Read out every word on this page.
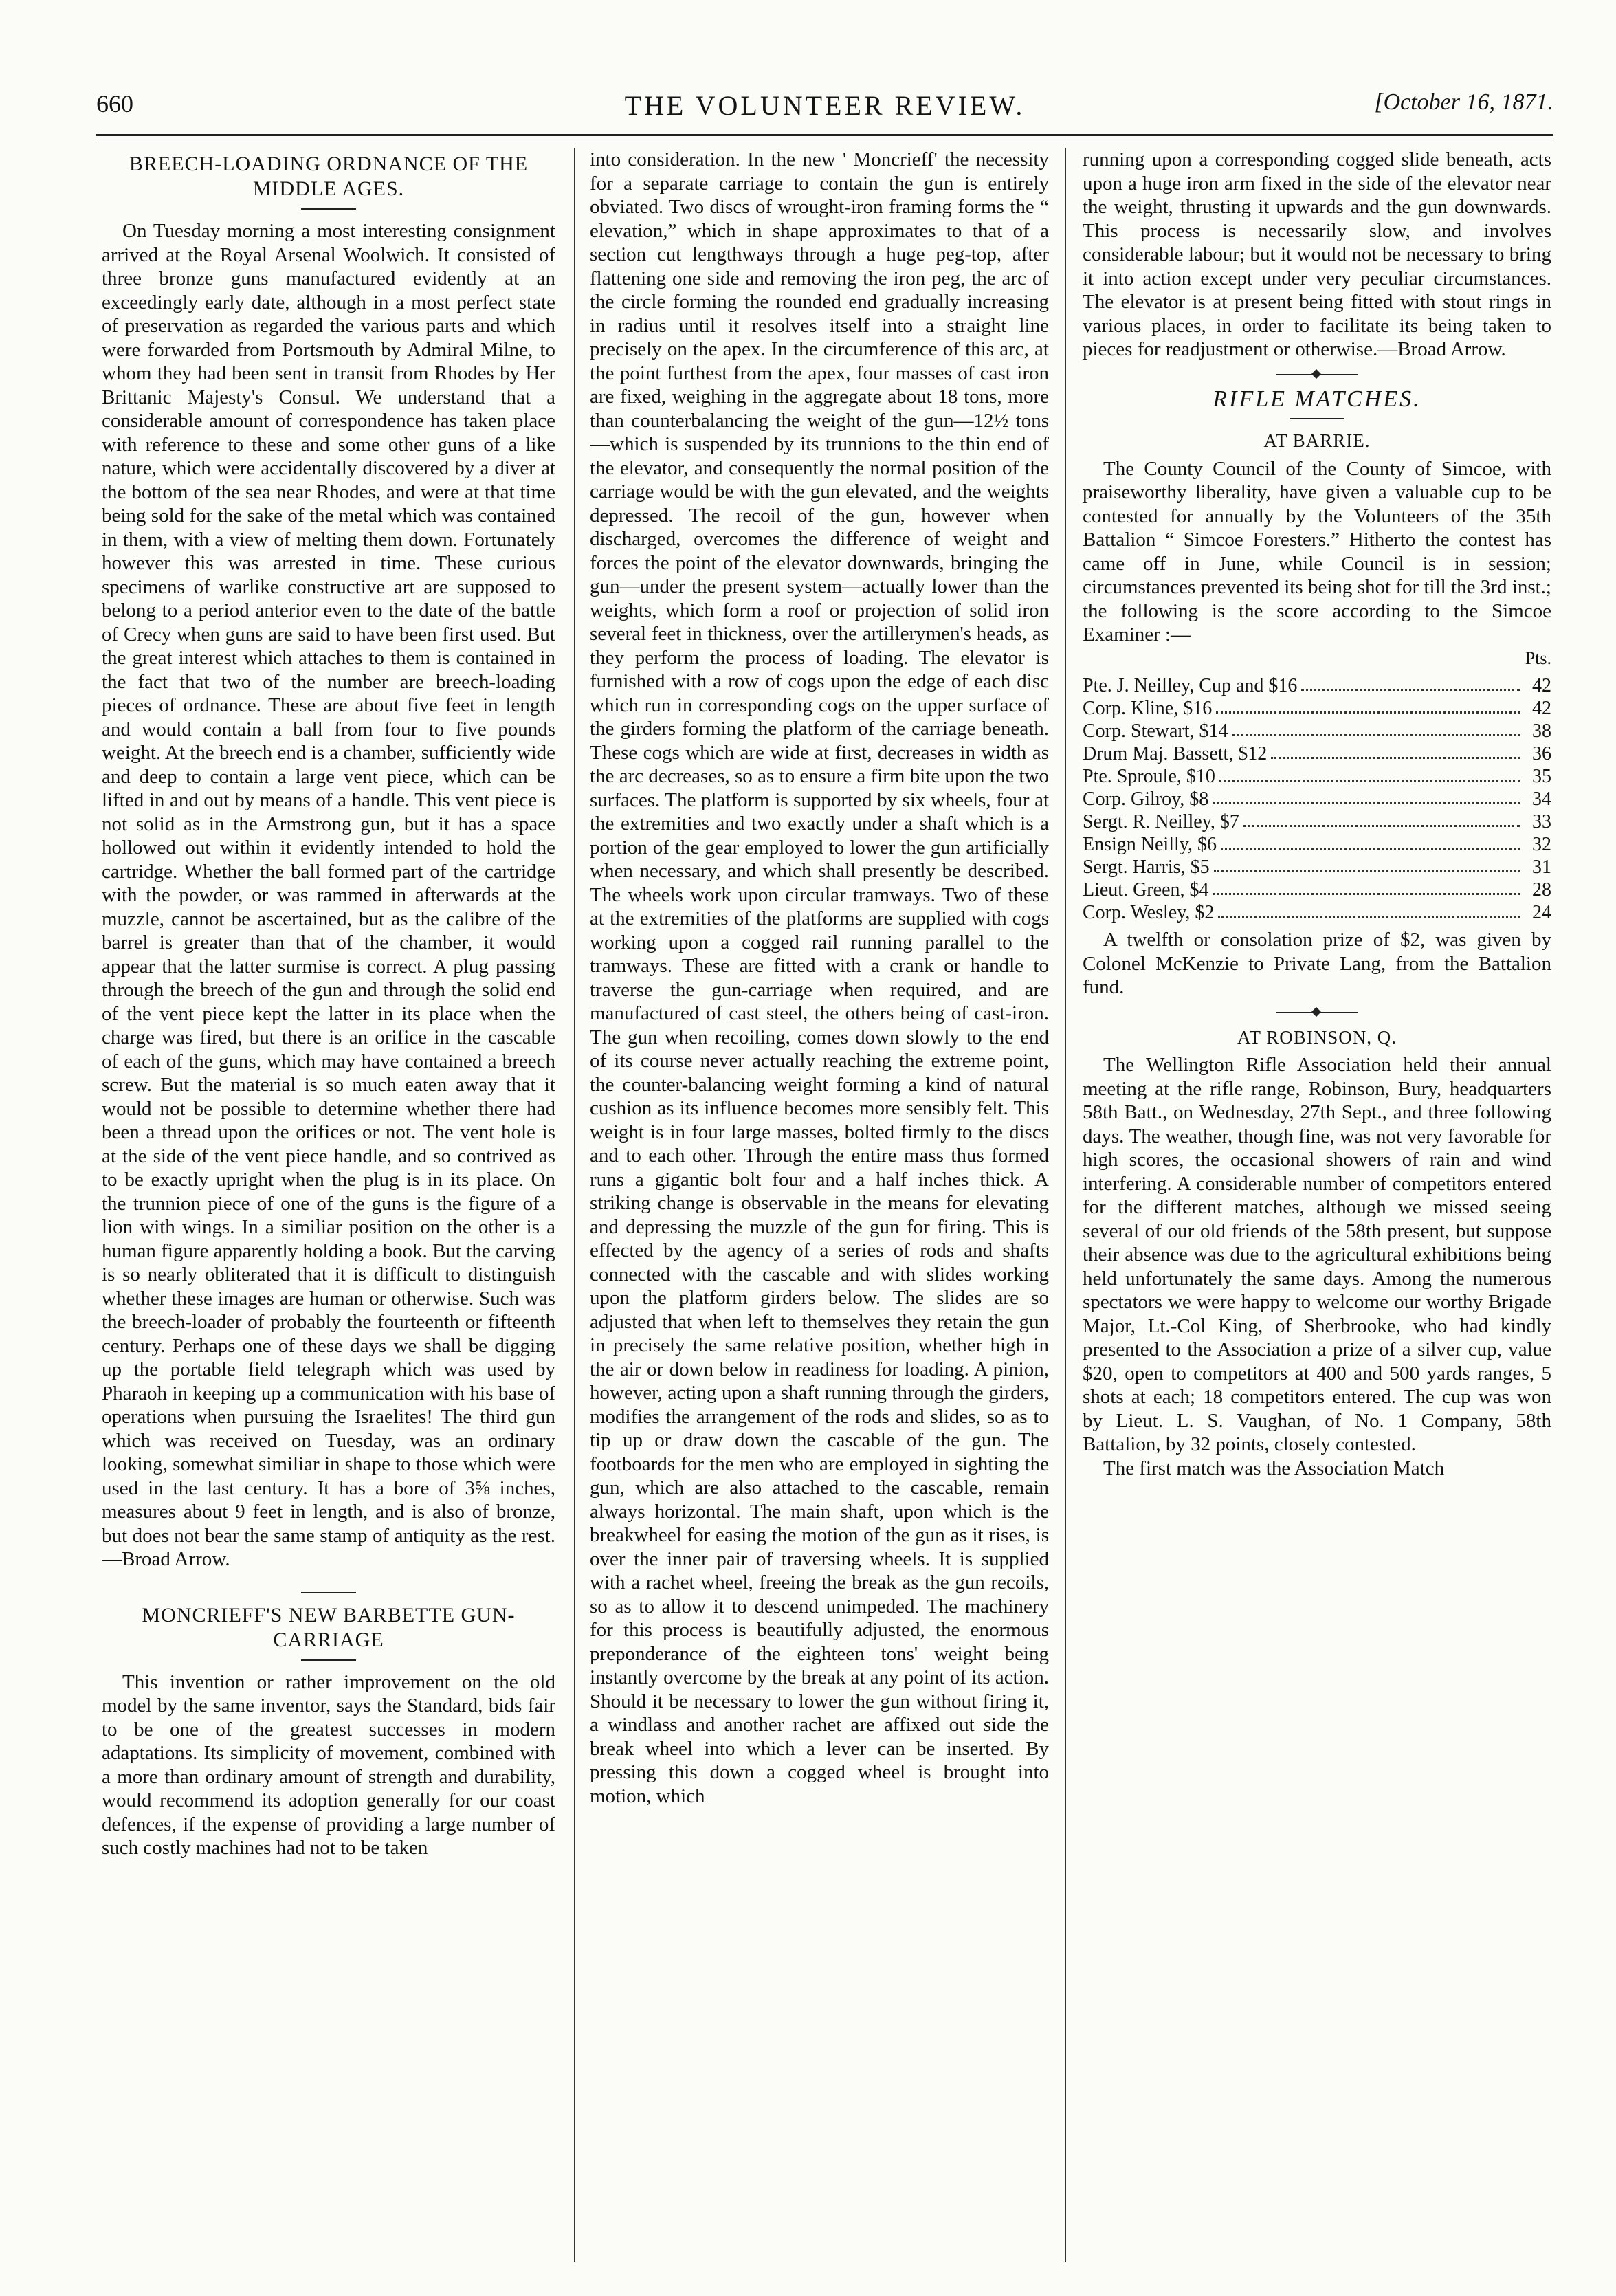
660	THE VOLUNTEER REVIEW.	[October 16, 1871.
BREECH-LOADING ORDNANCE OF THE MIDDLE AGES.

On Tuesday morning a most interesting consignment arrived at the Royal Arsenal Woolwich. It consisted of three bronze guns manufactured evidently at an exceedingly early date, although in a most perfect state of preservation as regarded the various parts and which were forwarded from Portsmouth by Admiral Milne, to whom they had been sent in transit from Rhodes by Her Brittanic Majesty's Consul. We understand that a considerable amount of correspondence has taken place with reference to these and some other guns of a like nature, which were accidentally discovered by a diver at the bottom of the sea near Rhodes, and were at that time being sold for the sake of the metal which was contained in them, with a view of melting them down. Fortunately however this was arrested in time. These curious specimens of warlike constructive art are supposed to belong to a period anterior even to the date of the battle of Crecy when guns are said to have been first used. But the great interest which attaches to them is contained in the fact that two of the number are breech-loading pieces of ordnance. These are about five feet in length and would contain a ball from four to five pounds weight. At the breech end is a chamber, sufficiently wide and deep to contain a large vent piece, which can be lifted in and out by means of a handle. This vent piece is not solid as in the Armstrong gun, but it has a space hollowed out within it evidently intended to hold the cartridge. Whether the ball formed part of the cartridge with the powder, or was rammed in afterwards at the muzzle, cannot be ascertained, but as the calibre of the barrel is greater than that of the chamber, it would appear that the latter surmise is correct. A plug passing through the breech of the gun and through the solid end of the vent piece kept the latter in its place when the charge was fired, but there is an orifice in the cascable of each of the guns, which may have contained a breech screw. But the material is so much eaten away that it would not be possible to determine whether there had been a thread upon the orifices or not. The vent hole is at the side of the vent piece handle, and so contrived as to be exactly upright when the plug is in its place. On the trunnion piece of one of the guns is the figure of a lion with wings. In a similiar position on the other is a human figure apparently holding a book. But the carving is so nearly obliterated that it is difficult to distinguish whether these images are human or otherwise. Such was the breech-loader of probably the fourteenth or fifteenth century. Perhaps one of these days we shall be digging up the portable field telegraph which was used by Pharaoh in keeping up a communication with his base of operations when pursuing the Israelites! The third gun which was received on Tuesday, was an ordinary looking, somewhat similiar in shape to those which were used in the last century. It has a bore of 3⅝ inches, measures about 9 feet in length, and is also of bronze, but does not bear the same stamp of antiquity as the rest.—Broad Arrow.

MONCRIEFF'S NEW BARBETTE GUN-CARRIAGE

This invention or rather improvement on the old model by the same inventor, says the Standard, bids fair to be one of the greatest successes in modern adaptations. Its simplicity of movement, combined with a more than ordinary amount of strength and durability, would recommend its adoption generally for our coast defences, if the expense of providing a large number of such costly machines had not to be taken

into consideration. In the new ' Moncrieff' the necessity for a separate carriage to contain the gun is entirely obviated. Two discs of wrought-iron framing forms the “ elevation,” which in shape approximates to that of a section cut lengthways through a huge peg-top, after flattening one side and removing the iron peg, the arc of the circle forming the rounded end gradually increasing in radius until it resolves itself into a straight line precisely on the apex. In the circumference of this arc, at the point furthest from the apex, four masses of cast iron are fixed, weighing in the aggregate about 18 tons, more than counterbalancing the weight of the gun—12½ tons—which is suspended by its trunnions to the thin end of the elevator, and consequently the normal position of the carriage would be with the gun elevated, and the weights depressed. The recoil of the gun, however when discharged, overcomes the difference of weight and forces the point of the elevator downwards, bringing the gun—under the present system—actually lower than the weights, which form a roof or projection of solid iron several feet in thickness, over the artillerymen's heads, as they perform the process of loading. The elevator is furnished with a row of cogs upon the edge of each disc which run in corresponding cogs on the upper surface of the girders forming the platform of the carriage beneath. These cogs which are wide at first, decreases in width as the arc decreases, so as to ensure a firm bite upon the two surfaces. The platform is supported by six wheels, four at the extremities and two exactly under a shaft which is a portion of the gear employed to lower the gun artificially when necessary, and which shall presently be described. The wheels work upon circular tramways. Two of these at the extremities of the platforms are supplied with cogs working upon a cogged rail running parallel to the tramways. These are fitted with a crank or handle to traverse the gun-carriage when required, and are manufactured of cast steel, the others being of cast-iron. The gun when recoiling, comes down slowly to the end of its course never actually reaching the extreme point, the counter-balancing weight forming a kind of natural cushion as its influence becomes more sensibly felt. This weight is in four large masses, bolted firmly to the discs and to each other. Through the entire mass thus formed runs a gigantic bolt four and a half inches thick. A striking change is observable in the means for elevating and depressing the muzzle of the gun for firing. This is effected by the agency of a series of rods and shafts connected with the cascable and with slides working upon the platform girders below. The slides are so adjusted that when left to themselves they retain the gun in precisely the same relative position, whether high in the air or down below in readiness for loading. A pinion, however, acting upon a shaft running through the girders, modifies the arrangement of the rods and slides, so as to tip up or draw down the cascable of the gun. The footboards for the men who are employed in sighting the gun, which are also attached to the cascable, remain always horizontal. The main shaft, upon which is the breakwheel for easing the motion of the gun as it rises, is over the inner pair of traversing wheels. It is supplied with a rachet wheel, freeing the break as the gun recoils, so as to allow it to descend unimpeded. The machinery for this process is beautifully adjusted, the enormous preponderance of the eighteen tons' weight being instantly overcome by the break at any point of its action. Should it be necessary to lower the gun without firing it, a windlass and another rachet are affixed out side the break wheel into which a lever can be inserted. By pressing this down a cogged wheel is brought into motion, which

running upon a corresponding cogged slide beneath, acts upon a huge iron arm fixed in the side of the elevator near the weight, thrusting it upwards and the gun downwards. This process is necessarily slow, and involves considerable labour; but it would not be necessary to bring it into action except under very peculiar circumstances. The elevator is at present being fitted with stout rings in various places, in order to facilitate its being taken to pieces for readjustment or otherwise.—Broad Arrow.

RIFLE MATCHES.
AT BARRIE.

The County Council of the County of Simcoe, with praiseworthy liberality, have given a valuable cup to be contested for annually by the Volunteers of the 35th Battalion “ Simcoe Foresters.” Hitherto the contest has came off in June, while Council is in session; circumstances prevented its being shot for till the 3rd inst.; the following is the score according to the Simcoe Examiner :—

Pts.
Pte. J. Neilley, Cup and $16	42
Corp. Kline, $16	42
Corp. Stewart, $14	38
Drum Maj. Bassett, $12	36
Pte. Sproule, $10	35
Corp. Gilroy, $8	34
Sergt. R. Neilley, $7	33
Ensign Neilly, $6	32
Sergt. Harris, $5	31
Lieut. Green, $4	28
Corp. Wesley, $2	24

A twelfth or consolation prize of $2, was given by Colonel McKenzie to Private Lang, from the Battalion fund.

AT ROBINSON, Q.

The Wellington Rifle Association held their annual meeting at the rifle range, Robinson, Bury, headquarters 58th Batt., on Wednesday, 27th Sept., and three following days. The weather, though fine, was not very favorable for high scores, the occasional showers of rain and wind interfering. A considerable number of competitors entered for the different matches, although we missed seeing several of our old friends of the 58th present, but suppose their absence was due to the agricultural exhibitions being held unfortunately the same days. Among the numerous spectators we were happy to welcome our worthy Brigade Major, Lt.-Col King, of Sherbrooke, who had kindly presented to the Association a prize of a silver cup, value $20, open to competitors at 400 and 500 yards ranges, 5 shots at each; 18 competitors entered. The cup was won by Lieut. L. S. Vaughan, of No. 1 Company, 58th Battalion, by 32 points, closely contested.

The first match was the Association Match
